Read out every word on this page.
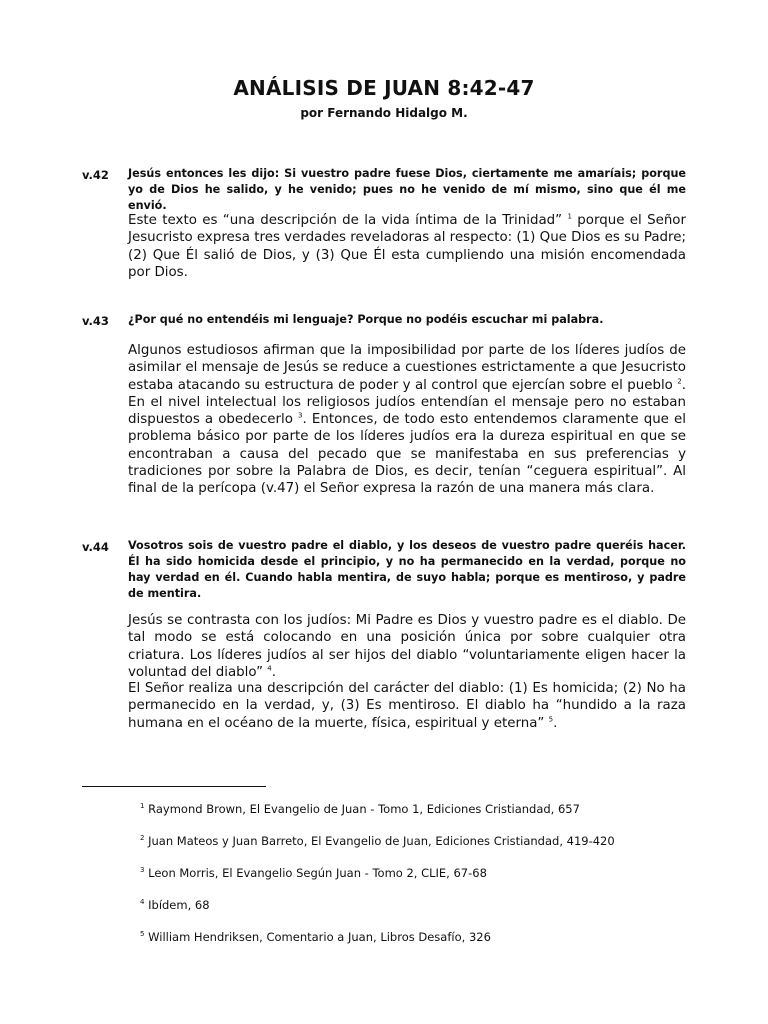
ANÁLISIS DE JUAN 8:42-47
por Fernando Hidalgo M.
v.42 Jesús entonces les dijo: Si vuestro padre fuese Dios, ciertamente me amaríais; porque yo de Dios he salido, y he venido; pues no he venido de mí mismo, sino que él me envió.
Este texto es “una descripción de la vida íntima de la Trinidad” $^1$ porque el Señor Jesucristo expresa tres verdades reveladoras al respecto: (1) Que Dios es su Padre; (2) Que Él salió de Dios, y (3) Que Él esta cumpliendo una misión encomendada por Dios.
v.43 ¿Por qué no entendéis mi lenguaje? Porque no podéis escuchar mi palabra.
Algunos estudiosos afirman que la imposibilidad por parte de los líderes judíos de asimilar el mensaje de Jesús se reduce a cuestiones estrictamente a que Jesucristo estaba atacando su estructura de poder y al control que ejercían sobre el pueblo $^2$. En el nivel intelectual los religiosos judíos entendían el mensaje pero no estaban dispuestos a obedecerlo $^3$. Entonces, de todo esto entendemos claramente que el problema básico por parte de los líderes judíos era la dureza espiritual en que se encontraban a causa del pecado que se manifestaba en sus preferencias y tradiciones por sobre la Palabra de Dios, es decir, tenían “ceguera espiritual”. Al final de la perícopa (v.47) el Señor expresa la razón de una manera más clara.
v.44 Vosotros sois de vuestro padre el diablo, y los deseos de vuestro padre queréis hacer. Él ha sido homicida desde el principio, y no ha permanecido en la verdad, porque no hay verdad en él. Cuando habla mentira, de suyo habla; porque es mentiroso, y padre de mentira.
Jesús se contrasta con los judíos: Mi Padre es Dios y vuestro padre es el diablo. De tal modo se está colocando en una posición única por sobre cualquier otra criatura. Los líderes judíos al ser hijos del diablo “voluntariamente eligen hacer la voluntad del diablo” $^4$.
El Señor realiza una descripción del carácter del diablo: (1) Es homicida; (2) No ha permanecido en la verdad, y, (3) Es mentiroso. El diablo ha “hundido a la raza humana en el océano de la muerte, física, espiritual y eterna” $^5$.
$^1$ Raymond Brown, El Evangelio de Juan - Tomo 1, Ediciones Cristiandad, 657
$^2$ Juan Mateos y Juan Barreto, El Evangelio de Juan, Ediciones Cristiandad, 419-420
$^3$ Leon Morris, El Evangelio Según Juan - Tomo 2, CLIE, 67-68
$^4$ Ibídem, 68
$^5$ William Hendriksen, Comentario a Juan, Libros Desafío, 326
